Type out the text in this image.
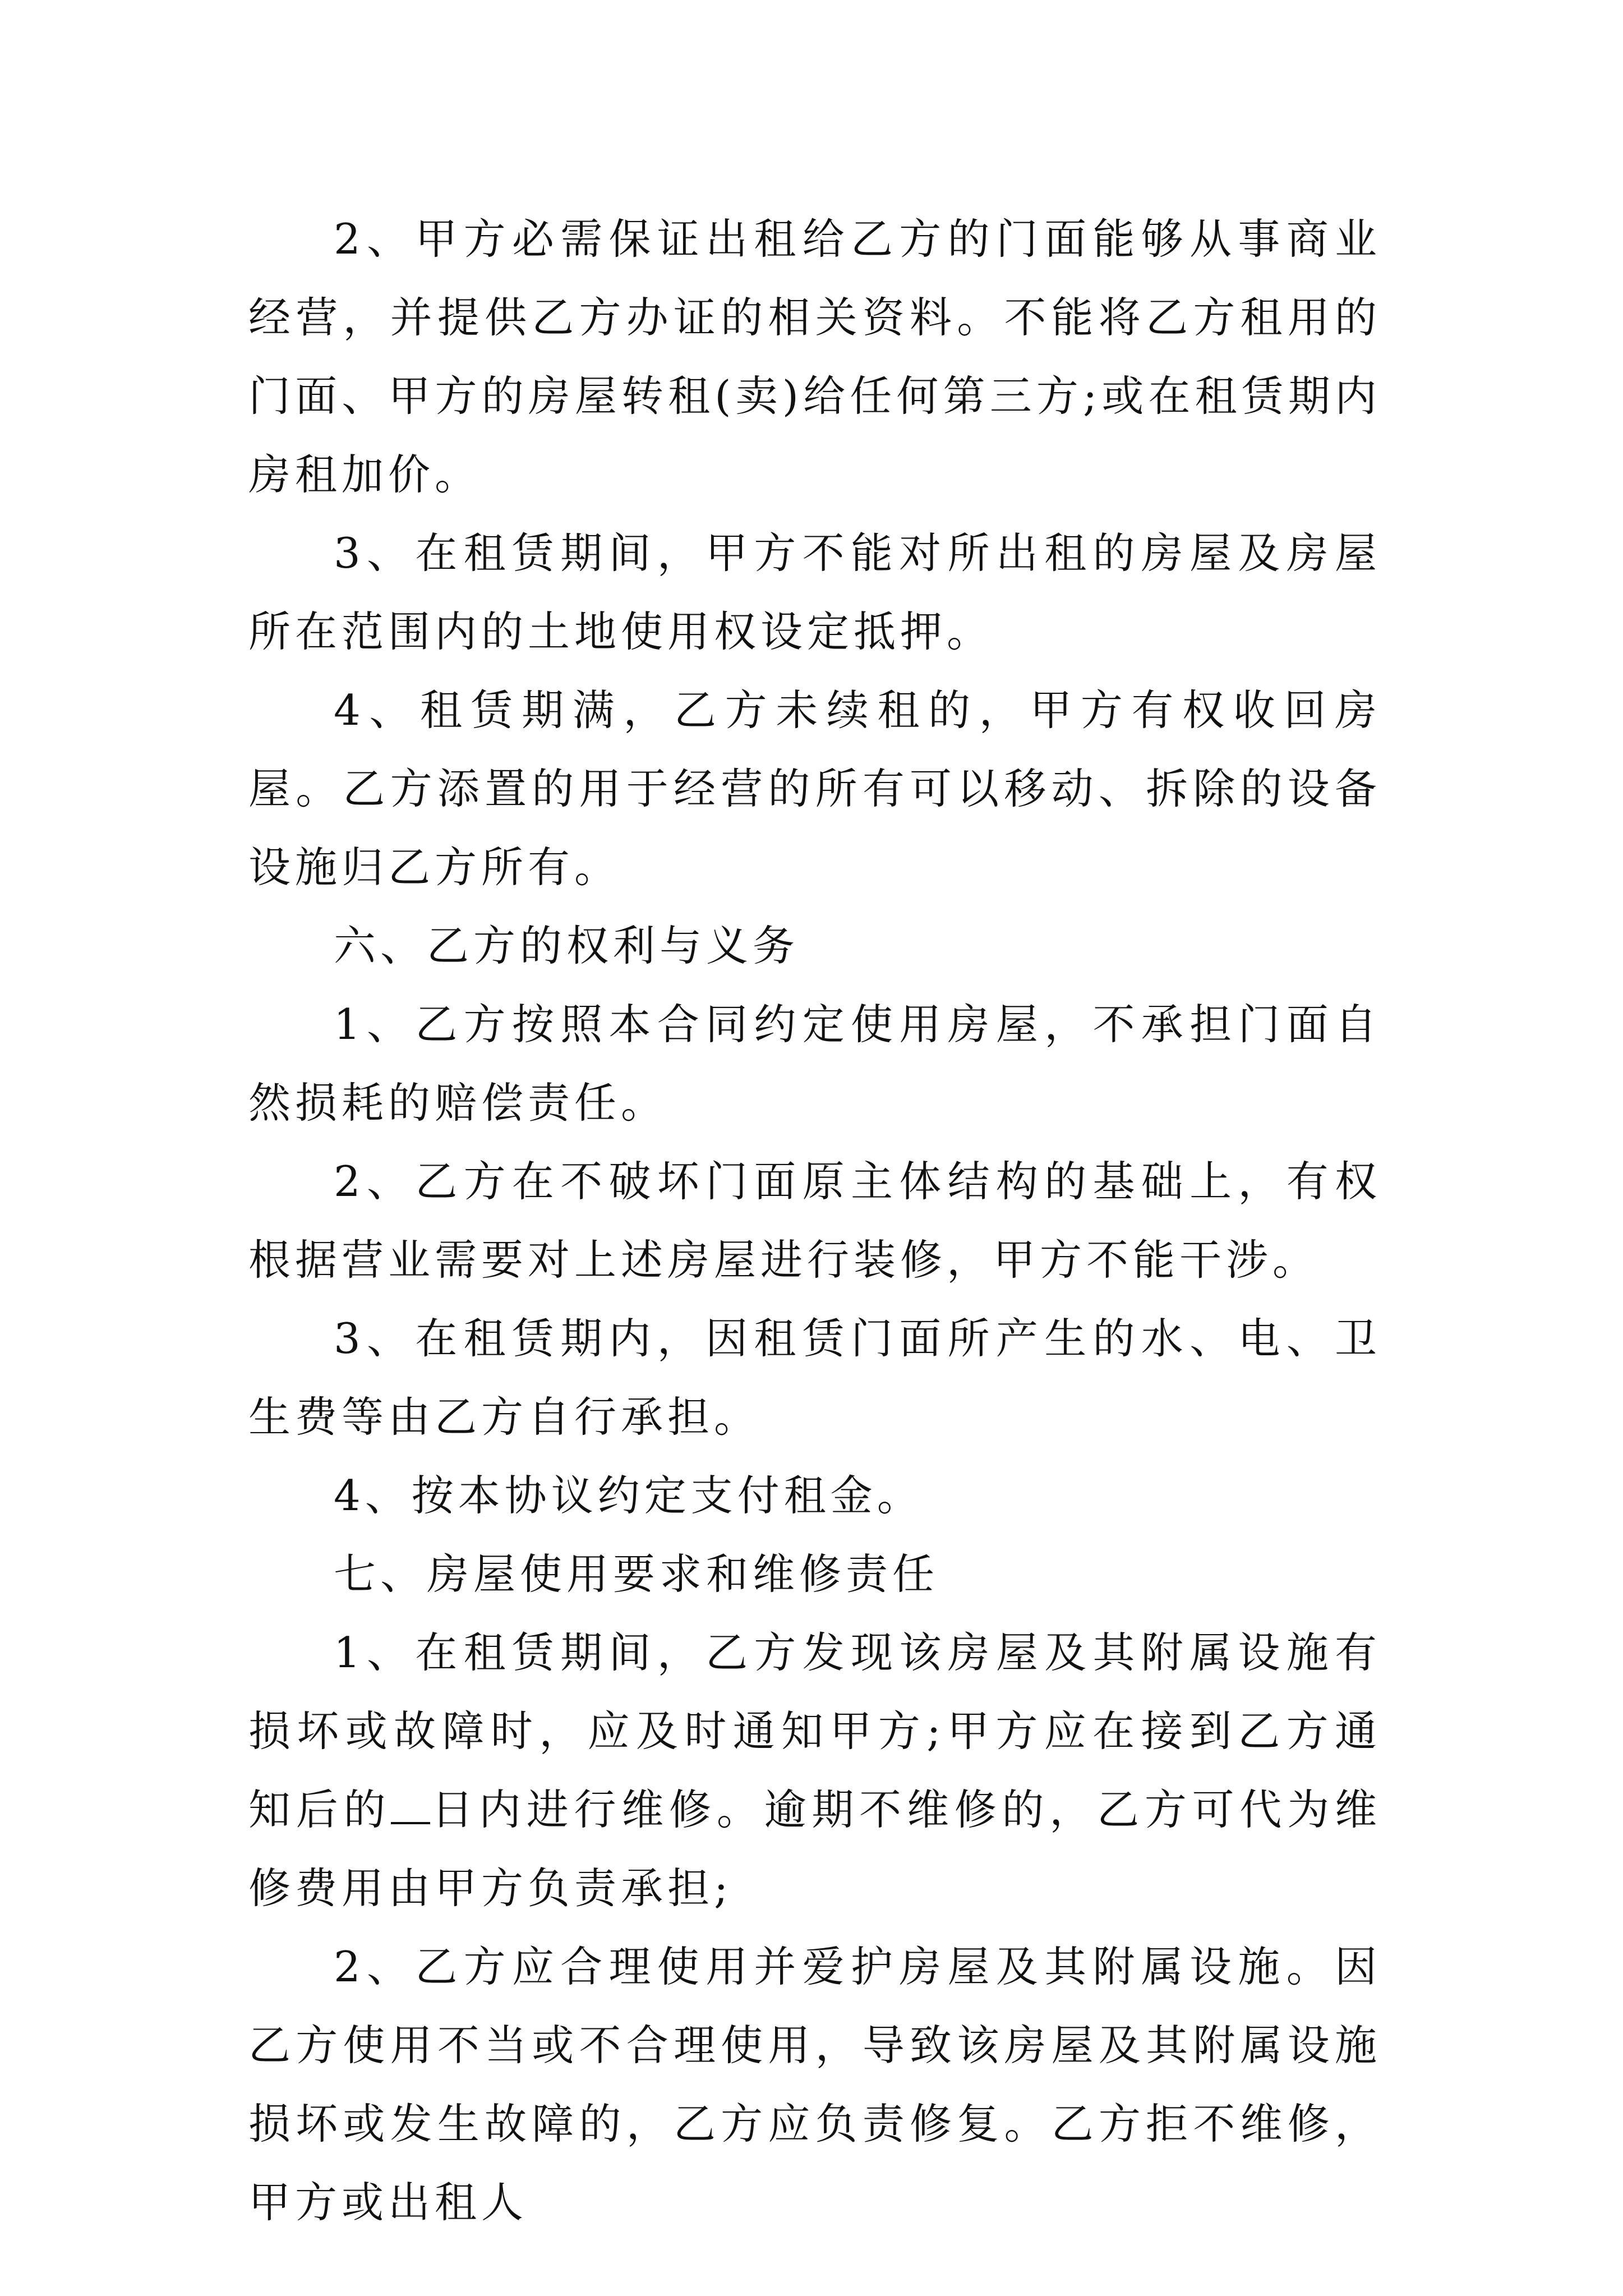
2、甲方必需保证出租给乙方的门面能够从事商业经营，并提供乙方办证的相关资料。不能将乙方租用的门面、甲方的房屋转租(卖)给任何第三方;或在租赁期内房租加价。

3、在租赁期间，甲方不能对所出租的房屋及房屋所在范围内的土地使用权设定抵押。

4、租赁期满，乙方未续租的，甲方有权收回房屋。乙方添置的用于经营的所有可以移动、拆除的设备设施归乙方所有。

六、乙方的权利与义务

1、乙方按照本合同约定使用房屋，不承担门面自然损耗的赔偿责任。

2、乙方在不破坏门面原主体结构的基础上，有权根据营业需要对上述房屋进行装修，甲方不能干涉。

3、在租赁期内，因租赁门面所产生的水、电、卫生费等由乙方自行承担。

4、按本协议约定支付租金。

七、房屋使用要求和维修责任

1、在租赁期间，乙方发现该房屋及其附属设施有损坏或故障时，应及时通知甲方;甲方应在接到乙方通知后的 日内进行维修。逾期不维修的，乙方可代为维修费用由甲方负责承担;

2、乙方应合理使用并爱护房屋及其附属设施。因乙方使用不当或不合理使用，导致该房屋及其附属设施损坏或发生故障的，乙方应负责修复。乙方拒不维修，甲方或出租人
